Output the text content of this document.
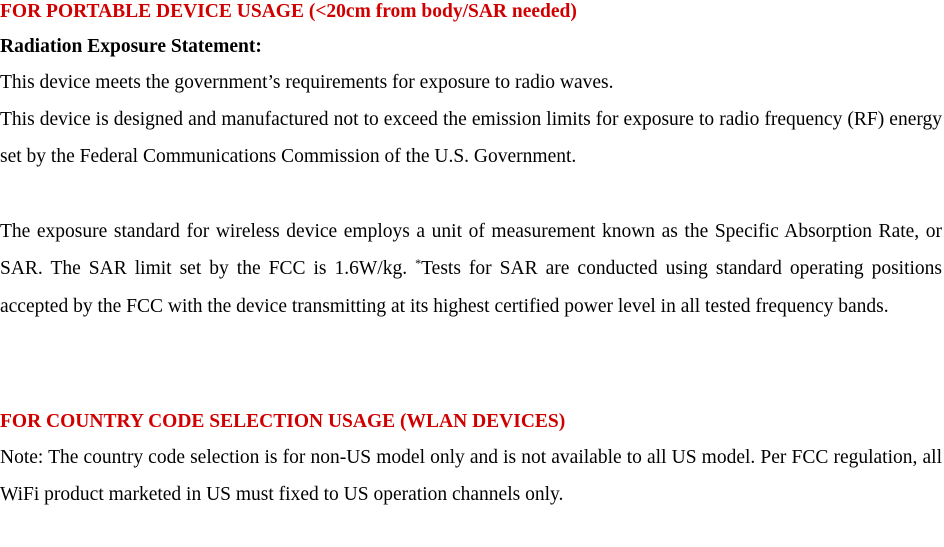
FOR PORTABLE DEVICE USAGE (<20cm from body/SAR needed)
Radiation Exposure Statement:

This device meets the government’s requirements for exposure to radio waves.

This device is designed and manufactured not to exceed the emission limits for exposure to radio frequency (RF) energy set by the Federal Communications Commission of the U.S. Government.

The exposure standard for wireless device employs a unit of measurement known as the Specific Absorption Rate, or SAR. The SAR limit set by the FCC is 1.6W/kg. *Tests for SAR are conducted using standard operating positions accepted by the FCC with the device transmitting at its highest certified power level in all tested frequency bands.

FOR COUNTRY CODE SELECTION USAGE (WLAN DEVICES)

Note: The country code selection is for non-US model only and is not available to all US model. Per FCC regulation, all WiFi product marketed in US must fixed to US operation channels only.
